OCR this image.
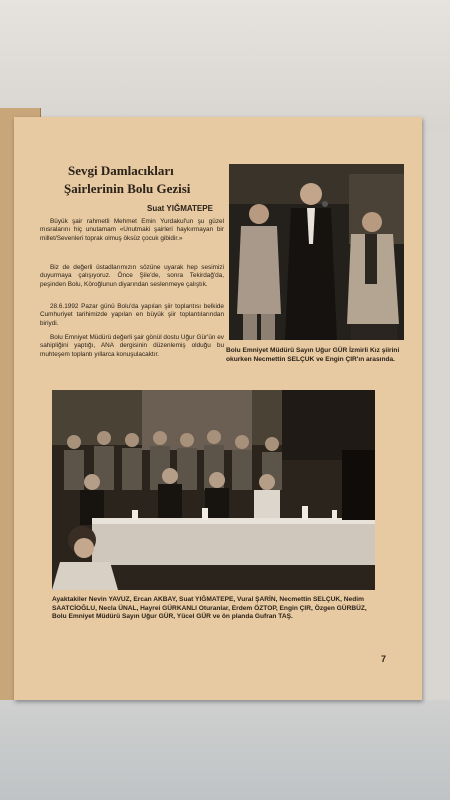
Sevgi Damlacıkları
Şairlerinin Bolu Gezisi
Suat YIĞMATEPE
Büyük şair rahmetli Mehmet Emin Yurdakul'un şu güzel mısralarını hiç unutamam «Unutmaki şairleri haykırmayan bir millet/Sevenleri toprak olmuş öksüz çocuk gibidir.»
Biz de değerli üstadlarımızın sözüne uyarak hep sesimizi duyurmaya çalışıyoruz. Önce Şile'de, sonra Tekirdağ'da, peşinden Bolu, Köroğlunun diyarından seslenmeye çalıştık.
28.6.1992 Pazar günü Bolu'da yapılan şiir toplantısı belkide Cumhuriyet tarihimizde yapılan en büyük şiir toplantılarından biriydi.
Bolu Emniyet Müdürü değerli şair gönül dostu Uğur Gür'ün ev sahipliğini yaptığı, ANA dergisinin düzenlemiş olduğu bu muhteşem toplantı yıllarca konuşulacaktır.
Bolu Emniyet Müdürü Sayın Uğur GÜR İzmirli Kız şiirini okurken Necmettin SELÇUK ve Engin ÇIR'ın arasında.
Ayaktakiler Nevin YAVUZ, Ercan AKBAY, Suat YIĞMATEPE, Vural ŞARİN, Necmettin SELÇUK, Nedim SAATCİOĞLU, Necla ÜNAL, Hayrei GÜRKANLI Oturanlar, Erdem ÖZTOP, Engin ÇIR, Özgen GÜRBÜZ, Bolu Emniyet Müdürü Sayın Uğur GÜR, Yücel GÜR ve ön planda Gufran TAŞ.
7
